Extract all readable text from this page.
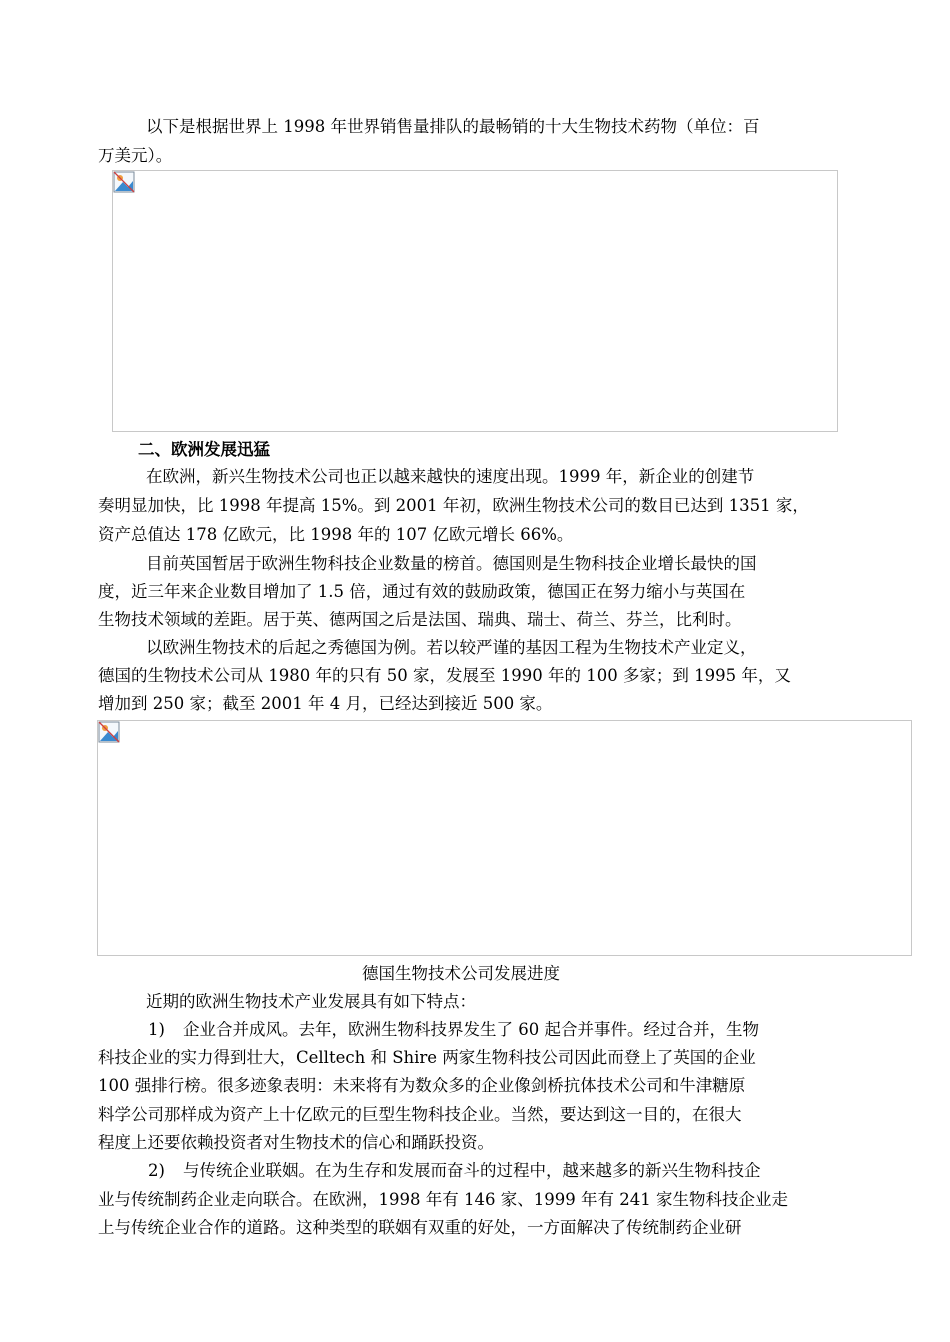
以下是根据世界上 1998 年世界销售量排队的最畅销的十大生物技术药物（单位：百
万美元）。
二、欧洲发展迅猛
在欧洲，新兴生物技术公司也正以越来越快的速度出现。1999 年，新企业的创建节
奏明显加快，比 1998 年提高 15%。到 2001 年初，欧洲生物技术公司的数目已达到 1351 家，
资产总值达 178 亿欧元，比 1998 年的 107 亿欧元增长 66%。
目前英国暂居于欧洲生物科技企业数量的榜首。德国则是生物科技企业增长最快的国
度，近三年来企业数目增加了 1.5 倍，通过有效的鼓励政策，德国正在努力缩小与英国在
生物技术领域的差距。居于英、德两国之后是法国、瑞典、瑞士、荷兰、芬兰，比利时。
以欧洲生物技术的后起之秀德国为例。若以较严谨的基因工程为生物技术产业定义，
德国的生物技术公司从 1980 年的只有 50 家，发展至 1990 年的 100 多家；到 1995 年，又
增加到 250 家；截至 2001 年 4 月，已经达到接近 500 家。
德国生物技术公司发展进度
近期的欧洲生物技术产业发展具有如下特点：
1) 企业合并成风。去年，欧洲生物科技界发生了 60 起合并事件。经过合并，生物
科技企业的实力得到壮大，Celltech 和 Shire 两家生物科技公司因此而登上了英国的企业
100 强排行榜。很多迹象表明：未来将有为数众多的企业像剑桥抗体技术公司和牛津糖原
料学公司那样成为资产上十亿欧元的巨型生物科技企业。当然，要达到这一目的，在很大
程度上还要依赖投资者对生物技术的信心和踊跃投资。
2) 与传统企业联姻。在为生存和发展而奋斗的过程中，越来越多的新兴生物科技企
业与传统制药企业走向联合。在欧洲，1998 年有 146 家、1999 年有 241 家生物科技企业走
上与传统企业合作的道路。这种类型的联姻有双重的好处，一方面解决了传统制药企业研
